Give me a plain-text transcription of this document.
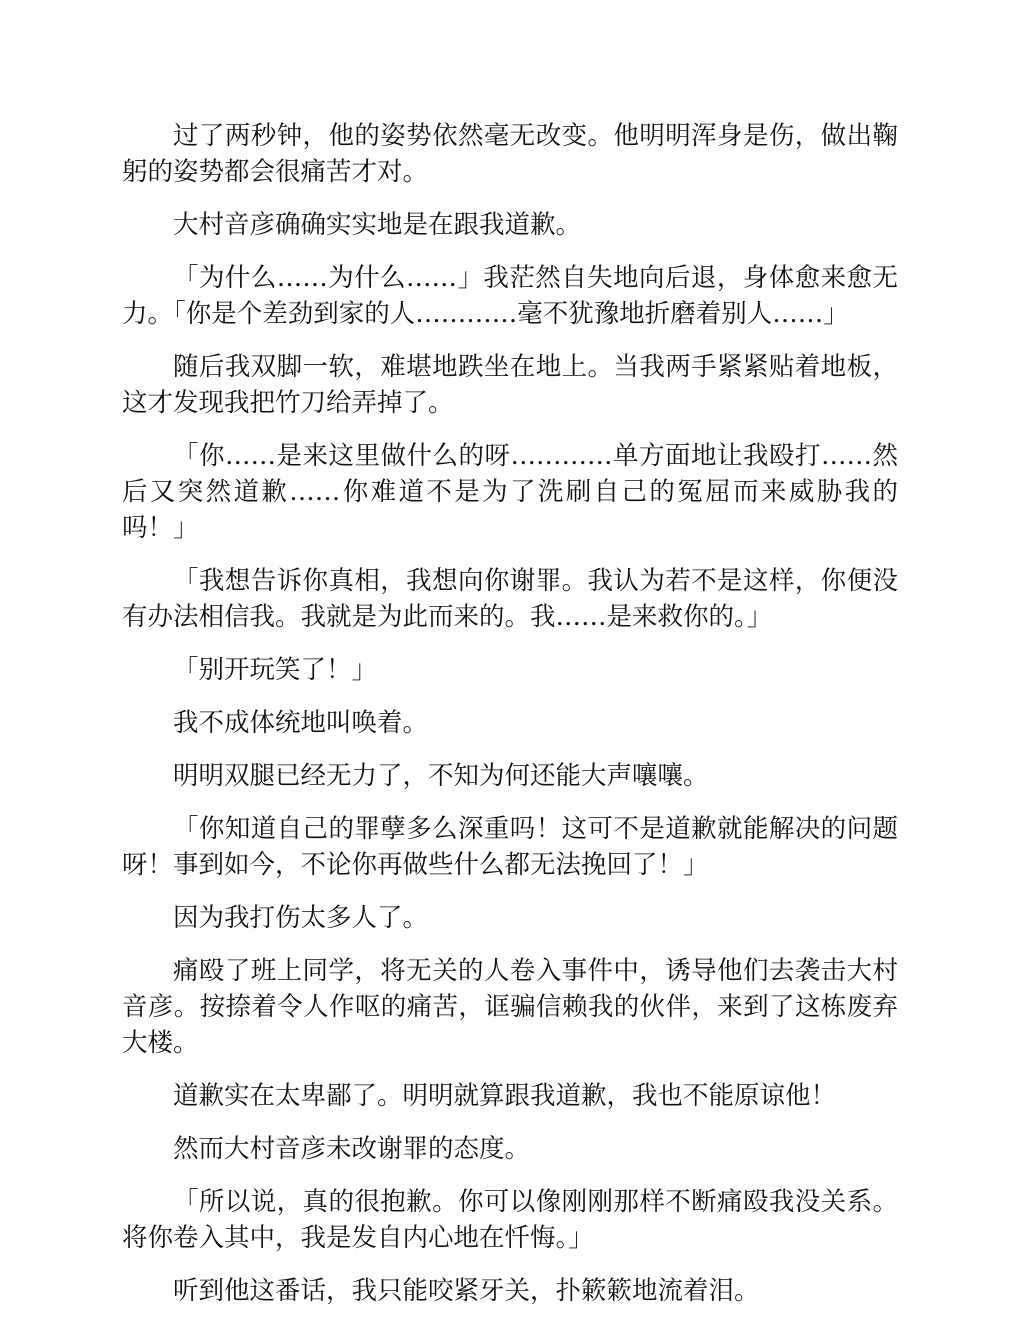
过了两秒钟，他的姿势依然毫无改变。他明明浑身是伤，做出鞠躬的姿势都会很痛苦才对。

大村音彦确确实实地是在跟我道歉。

「为什么……为什么……」我茫然自失地向后退，身体愈来愈无力。「你是个差劲到家的人…………毫不犹豫地折磨着别人……」

随后我双脚一软，难堪地跌坐在地上。当我两手紧紧贴着地板，这才发现我把竹刀给弄掉了。

「你……是来这里做什么的呀…………单方面地让我殴打……然后又突然道歉……你难道不是为了洗刷自己的冤屈而来威胁我的吗！」

「我想告诉你真相，我想向你谢罪。我认为若不是这样，你便没有办法相信我。我就是为此而来的。我……是来救你的。」

「别开玩笑了！」

我不成体统地叫唤着。

明明双腿已经无力了，不知为何还能大声嚷嚷。

「你知道自己的罪孽多么深重吗！这可不是道歉就能解决的问题呀！事到如今，不论你再做些什么都无法挽回了！」

因为我打伤太多人了。

痛殴了班上同学，将无关的人卷入事件中，诱导他们去袭击大村音彦。按捺着令人作呕的痛苦，诓骗信赖我的伙伴，来到了这栋废弃大楼。

道歉实在太卑鄙了。明明就算跟我道歉，我也不能原谅他！

然而大村音彦未改谢罪的态度。

「所以说，真的很抱歉。你可以像刚刚那样不断痛殴我没关系。将你卷入其中，我是发自内心地在忏悔。」

听到他这番话，我只能咬紧牙关，扑簌簌地流着泪。
